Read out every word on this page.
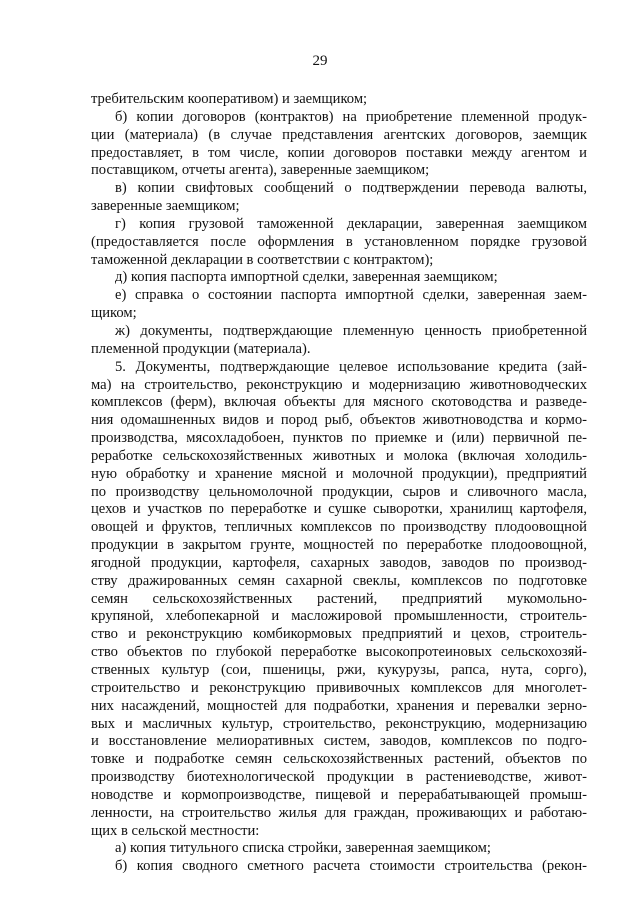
29
требительским кооперативом) и заемщиком;
б) копии договоров (контрактов) на приобретение племенной продук-
ции (материала) (в случае представления агентских договоров, заемщик
предоставляет, в том числе, копии договоров поставки между агентом и
поставщиком, отчеты агента), заверенные заемщиком;
в) копии свифтовых сообщений о подтверждении перевода валюты,
заверенные заемщиком;
г) копия грузовой таможенной декларации, заверенная заемщиком
(предоставляется после оформления в установленном порядке грузовой
таможенной декларации в соответствии с контрактом);
д) копия паспорта импортной сделки, заверенная заемщиком;
е) справка о состоянии паспорта импортной сделки, заверенная заем-
щиком;
ж) документы, подтверждающие племенную ценность приобретенной
племенной продукции (материала).
5. Документы, подтверждающие целевое использование кредита (зай-
ма) на строительство, реконструкцию и модернизацию животноводческих
комплексов (ферм), включая объекты для мясного скотоводства и разведе-
ния одомашненных видов и пород рыб, объектов животноводства и кормо-
производства, мясохладобоен, пунктов по приемке и (или) первичной пе-
реработке сельскохозяйственных животных и молока (включая холодиль-
ную обработку и хранение мясной и молочной продукции), предприятий
по производству цельномолочной продукции, сыров и сливочного масла,
цехов и участков по переработке и сушке сыворотки, хранилищ картофеля,
овощей и фруктов, тепличных комплексов по производству плодоовощной
продукции в закрытом грунте, мощностей по переработке плодоовощной,
ягодной продукции, картофеля, сахарных заводов, заводов по производ-
ству дражированных семян сахарной свеклы, комплексов по подготовке
семян сельскохозяйственных растений, предприятий мукомольно-
крупяной, хлебопекарной и масложировой промышленности, строитель-
ство и реконструкцию комбикормовых предприятий и цехов, строитель-
ство объектов по глубокой переработке высокопротеиновых сельскохозяй-
ственных культур (сои, пшеницы, ржи, кукурузы, рапса, нута, сорго),
строительство и реконструкцию прививочных комплексов для многолет-
них насаждений, мощностей для подработки, хранения и перевалки зерно-
вых и масличных культур, строительство, реконструкцию, модернизацию
и восстановление мелиоративных систем, заводов, комплексов по подго-
товке и подработке семян сельскохозяйственных растений, объектов по
производству биотехнологической продукции в растениеводстве, живот-
новодстве и кормопроизводстве, пищевой и перерабатывающей промыш-
ленности, на строительство жилья для граждан, проживающих и работаю-
щих в сельской местности:
а) копия титульного списка стройки, заверенная заемщиком;
б) копия сводного сметного расчета стоимости строительства (рекон-
